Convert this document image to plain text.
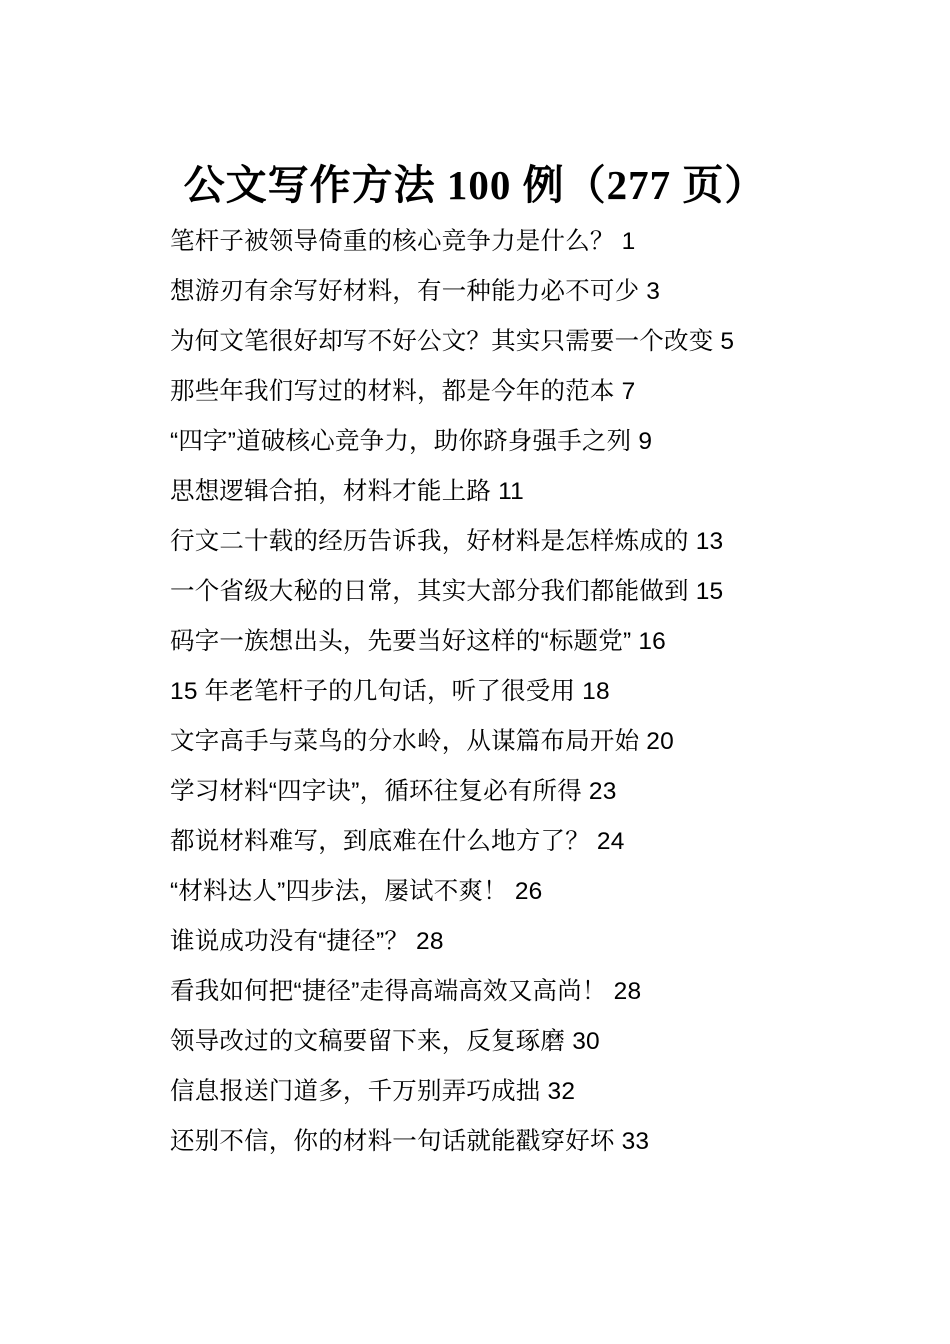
公文写作方法 100 例（277 页）
笔杆子被领导倚重的核心竞争力是什么？ 1
想游刃有余写好材料，有一种能力必不可少 3
为何文笔很好却写不好公文？其实只需要一个改变 5
那些年我们写过的材料，都是今年的范本 7
“四字”道破核心竞争力，助你跻身强手之列 9
思想逻辑合拍，材料才能上路 11
行文二十载的经历告诉我，好材料是怎样炼成的 13
一个省级大秘的日常，其实大部分我们都能做到 15
码字一族想出头，先要当好这样的“标题党” 16
15 年老笔杆子的几句话，听了很受用 18
文字高手与菜鸟的分水岭，从谋篇布局开始 20
学习材料“四字诀”，循环往复必有所得 23
都说材料难写，到底难在什么地方了？ 24
“材料达人”四步法，屡试不爽！ 26
谁说成功没有“捷径”？ 28
看我如何把“捷径”走得高端高效又高尚！ 28
领导改过的文稿要留下来，反复琢磨 30
信息报送门道多，千万别弄巧成拙 32
还别不信，你的材料一句话就能戳穿好坏 33
